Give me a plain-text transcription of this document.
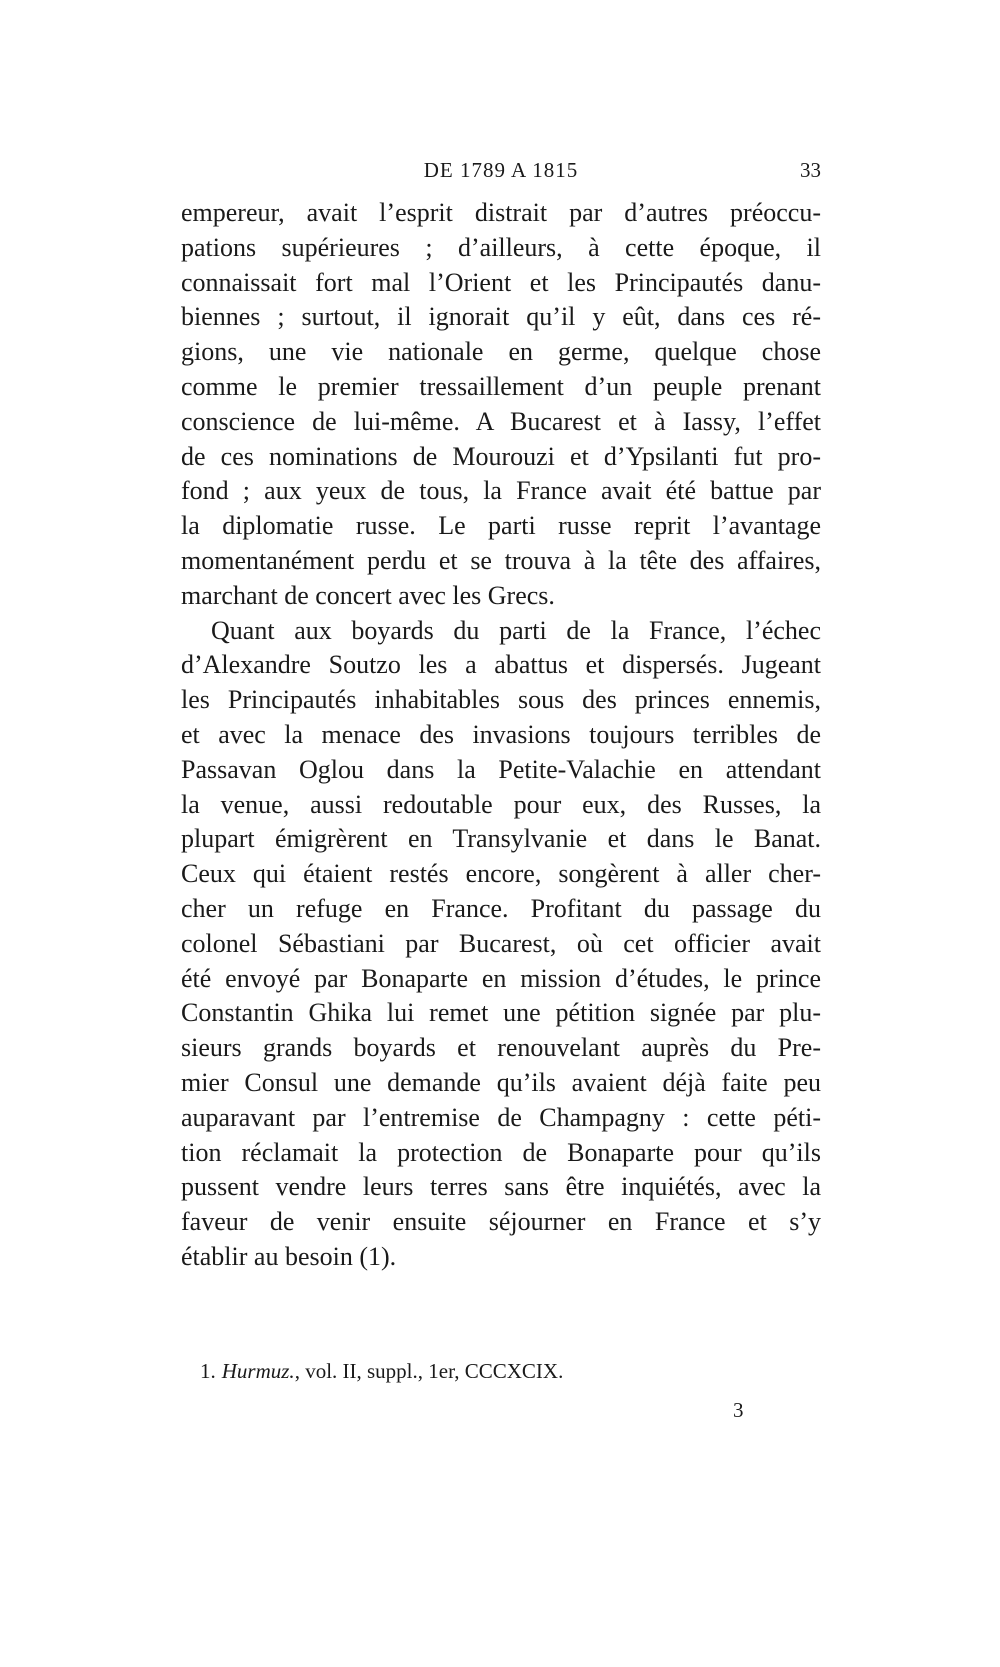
DE 1789 A 1815	33

empereur, avait l’esprit distrait par d’autres préoccu-
pations supérieures ; d’ailleurs, à cette époque, il
connaissait fort mal l’Orient et les Principautés danu-
biennes ; surtout, il ignorait qu’il y eût, dans ces ré-
gions, une vie nationale en germe, quelque chose
comme le premier tressaillement d’un peuple prenant
conscience de lui-même. A Bucarest et à Iassy, l’effet
de ces nominations de Mourouzi et d’Ypsilanti fut pro-
fond ; aux yeux de tous, la France avait été battue par
la diplomatie russe. Le parti russe reprit l’avantage
momentanément perdu et se trouva à la tête des affaires,
marchant de concert avec les Grecs.

Quant aux boyards du parti de la France, l’échec
d’Alexandre Soutzo les a abattus et dispersés. Jugeant
les Principautés inhabitables sous des princes ennemis,
et avec la menace des invasions toujours terribles de
Passavan Oglou dans la Petite-Valachie en attendant
la venue, aussi redoutable pour eux, des Russes, la
plupart émigrèrent en Transylvanie et dans le Banat.
Ceux qui étaient restés encore, songèrent à aller cher-
cher un refuge en France. Profitant du passage du
colonel Sébastiani par Bucarest, où cet officier avait
été envoyé par Bonaparte en mission d’études, le prince
Constantin Ghika lui remet une pétition signée par plu-
sieurs grands boyards et renouvelant auprès du Pre-
mier Consul une demande qu’ils avaient déjà faite peu
auparavant par l’entremise de Champagny : cette péti-
tion réclamait la protection de Bonaparte pour qu’ils
pussent vendre leurs terres sans être inquiétés, avec la
faveur de venir ensuite séjourner en France et s’y
établir au besoin (1).

1. Hurmuz., vol. II, suppl., 1er, CCCXCIX.
3
